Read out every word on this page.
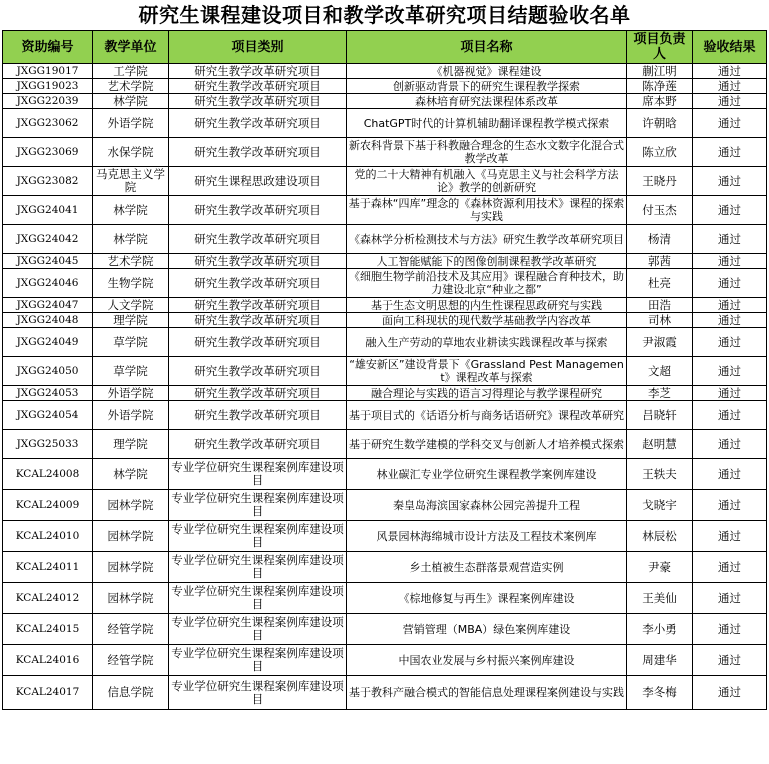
研究生课程建设项目和教学改革研究项目结题验收名单
资助编号	教学单位	项目类别	项目名称	项目负责人	验收结果
JXGG19017	工学院	研究生教学改革研究项目	《机器视觉》课程建设	蒯江明	通过
JXGG19023	艺术学院	研究生教学改革研究项目	创新驱动背景下的研究生课程教学探索	陈净莲	通过
JXGG22039	林学院	研究生教学改革研究项目	森林培育研究法课程体系改革	席本野	通过
JXGG23062	外语学院	研究生教学改革研究项目	ChatGPT时代的计算机辅助翻译课程教学模式探索	许朝晗	通过
JXGG23069	水保学院	研究生教学改革研究项目	新农科背景下基于科教融合理念的生态水文数字化混合式教学改革	陈立欣	通过
JXGG23082	马克思主义学院	研究生课程思政建设项目	党的二十大精神有机融入《马克思主义与社会科学方法论》教学的创新研究	王晓丹	通过
JXGG24041	林学院	研究生教学改革研究项目	基于森林“四库”理念的《森林资源利用技术》课程的探索与实践	付玉杰	通过
JXGG24042	林学院	研究生教学改革研究项目	《森林学分析检测技术与方法》研究生教学改革研究项目	杨清	通过
JXGG24045	艺术学院	研究生教学改革研究项目	人工智能赋能下的图像创制课程教学改革研究	郭茜	通过
JXGG24046	生物学院	研究生教学改革研究项目	《细胞生物学前沿技术及其应用》课程融合育种技术，助力建设北京“种业之都”	杜亮	通过
JXGG24047	人文学院	研究生教学改革研究项目	基于生态文明思想的内生性课程思政研究与实践	田浩	通过
JXGG24048	理学院	研究生教学改革研究项目	面向工科现状的现代数学基础教学内容改革	司林	通过
JXGG24049	草学院	研究生教学改革研究项目	融入生产劳动的草地农业耕读实践课程改革与探索	尹淑霞	通过
JXGG24050	草学院	研究生教学改革研究项目	“雄安新区”建设背景下《Grassland Pest Management》课程改革与探索	文超	通过
JXGG24053	外语学院	研究生教学改革研究项目	融合理论与实践的语言习得理论与教学课程研究	李芝	通过
JXGG24054	外语学院	研究生教学改革研究项目	基于项目式的《话语分析与商务话语研究》课程改革研究	吕晓轩	通过
JXGG25033	理学院	研究生教学改革研究项目	基于研究生数学建模的学科交叉与创新人才培养模式探索	赵明慧	通过
KCAL24008	林学院	专业学位研究生课程案例库建设项目	林业碳汇专业学位研究生课程教学案例库建设	王轶夫	通过
KCAL24009	园林学院	专业学位研究生课程案例库建设项目	秦皇岛海滨国家森林公园完善提升工程	戈晓宇	通过
KCAL24010	园林学院	专业学位研究生课程案例库建设项目	风景园林海绵城市设计方法及工程技术案例库	林辰松	通过
KCAL24011	园林学院	专业学位研究生课程案例库建设项目	乡土植被生态群落景观营造实例	尹豪	通过
KCAL24012	园林学院	专业学位研究生课程案例库建设项目	《棕地修复与再生》课程案例库建设	王美仙	通过
KCAL24015	经管学院	专业学位研究生课程案例库建设项目	营销管理（MBA）绿色案例库建设	李小勇	通过
KCAL24016	经管学院	专业学位研究生课程案例库建设项目	中国农业发展与乡村振兴案例库建设	周建华	通过
KCAL24017	信息学院	专业学位研究生课程案例库建设项目	基于教科产融合模式的智能信息处理课程案例建设与实践	李冬梅	通过
